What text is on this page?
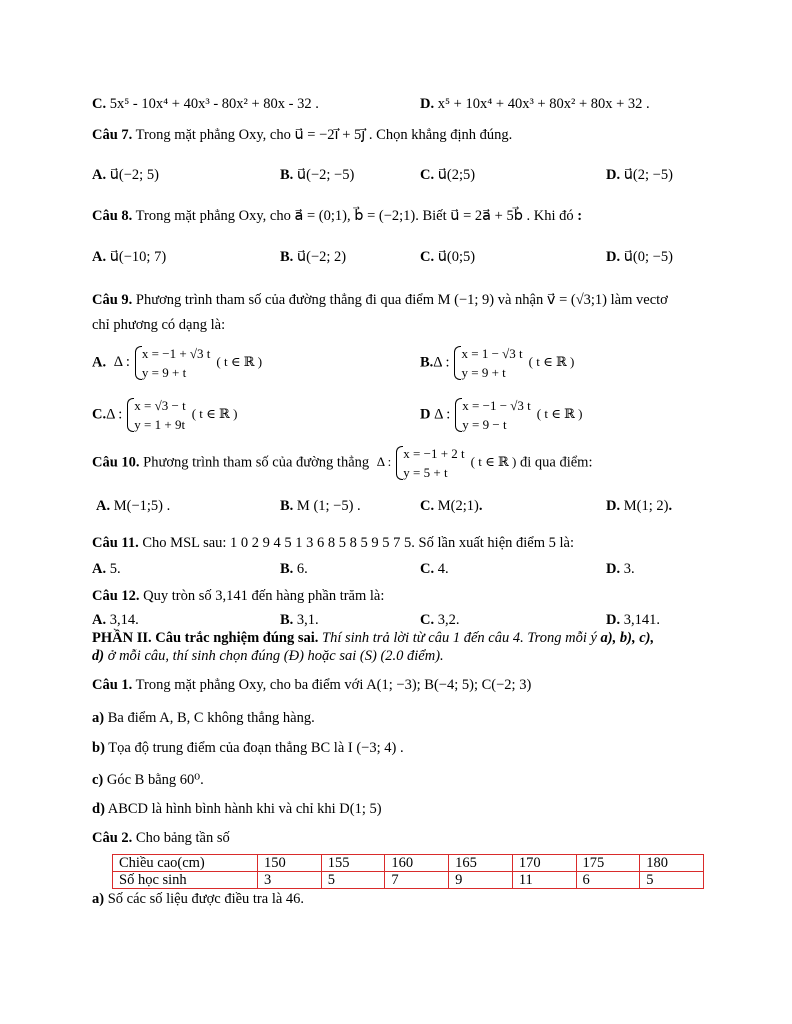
C. 5x⁵ - 10x⁴ + 40x³ - 80x² + 80x - 32 .	D. x⁵ + 10x⁴ + 40x³ + 80x² + 80x + 32 .
Câu 7. Trong mặt phẳng Oxy, cho u⃗ = −2i⃗ + 5j⃗ . Chọn khẳng định đúng.
A. u⃗(−2; 5)	B. u⃗(−2; −5)	C. u⃗(2;5)	D. u⃗(2; −5)
Câu 8. Trong mặt phẳng Oxy, cho a⃗ = (0;1), b⃗ = (−2;1). Biết u⃗ = 2a⃗ + 5b⃗ . Khi đó :
A. u⃗(−10; 7)	B. u⃗(−2; 2)	C. u⃗(0;5)	D. u⃗(0; −5)
Câu 9. Phương trình tham số của đường thẳng đi qua điểm M (−1; 9) và nhận v⃗ = (√3;1) làm vectơ
chỉ phương có dạng là:
A. Δ :x = −1 + √3 t
y = 9 + t( t ∈ ℝ )	B.Δ :x = 1 − √3 t
y = 9 + t( t ∈ ℝ )
C.Δ :x = √3 − t
y = 1 + 9t( t ∈ ℝ )	D Δ :x = −1 − √3 t
y = 9 − t( t ∈ ℝ )
Câu 10. Phương trình tham số của đường thẳng Δ :x = −1 + 2 t
y = 5 + t( t ∈ ℝ ) đi qua điểm:
A. M(−1;5) .	B. M (1; −5) .	C. M(2;1).	D. M(1; 2).
Câu 11. Cho MSL sau: 1 0 2 9 4 5 1 3 6 8 5 8 5 9 5 7 5. Số lần xuất hiện điểm 5 là:
A. 5.	B. 6.	C. 4.	D. 3.
Câu 12. Quy tròn số 3,141 đến hàng phần trăm là:
A. 3,14.	B. 3,1.	C. 3,2.	D. 3,141.
PHẦN II. Câu trắc nghiệm đúng sai. Thí sinh trả lời từ câu 1 đến câu 4. Trong mỗi ý a), b), c),
d) ở mỗi câu, thí sinh chọn đúng (Đ) hoặc sai (S) (2.0 điểm).
Câu 1. Trong mặt phẳng Oxy, cho ba điểm với A(1; −3); B(−4; 5); C(−2; 3)
a) Ba điểm A, B, C không thẳng hàng.
b) Tọa độ trung điểm của đoạn thẳng BC là I (−3; 4) .
c) Góc B bằng 60⁰.
d) ABCD là hình bình hành khi và chỉ khi D(1; 5)
Câu 2. Cho bảng tần số
Chiều cao(cm)	150	155	160	165	170	175	180
Số học sinh	3	5	7	9	11	6	5
a) Số các số liệu được điều tra là 46.
